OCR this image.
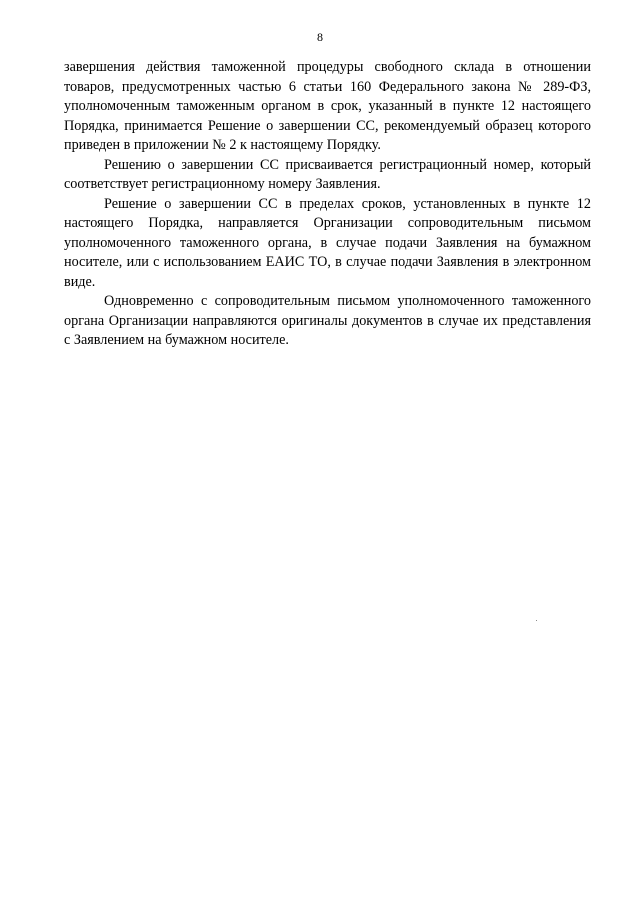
8

завершения действия таможенной процедуры свободного склада в отношении товаров, предусмотренных частью 6 статьи 160 Федерального закона № 289-ФЗ, уполномоченным таможенным органом в срок, указанный в пункте 12 настоящего Порядка, принимается Решение о завершении СС, рекомендуемый образец которого приведен в приложении № 2 к настоящему Порядку.

Решению о завершении СС присваивается регистрационный номер, который соответствует регистрационному номеру Заявления.

Решение о завершении СС в пределах сроков, установленных в пункте 12 настоящего Порядка, направляется Организации сопроводительным письмом уполномоченного таможенного органа, в случае подачи Заявления на бумажном носителе, или с использованием ЕАИС ТО, в случае подачи Заявления в электронном виде.

Одновременно с сопроводительным письмом уполномоченного таможенного органа Организации направляются оригиналы документов в случае их представления с Заявлением на бумажном носителе.
